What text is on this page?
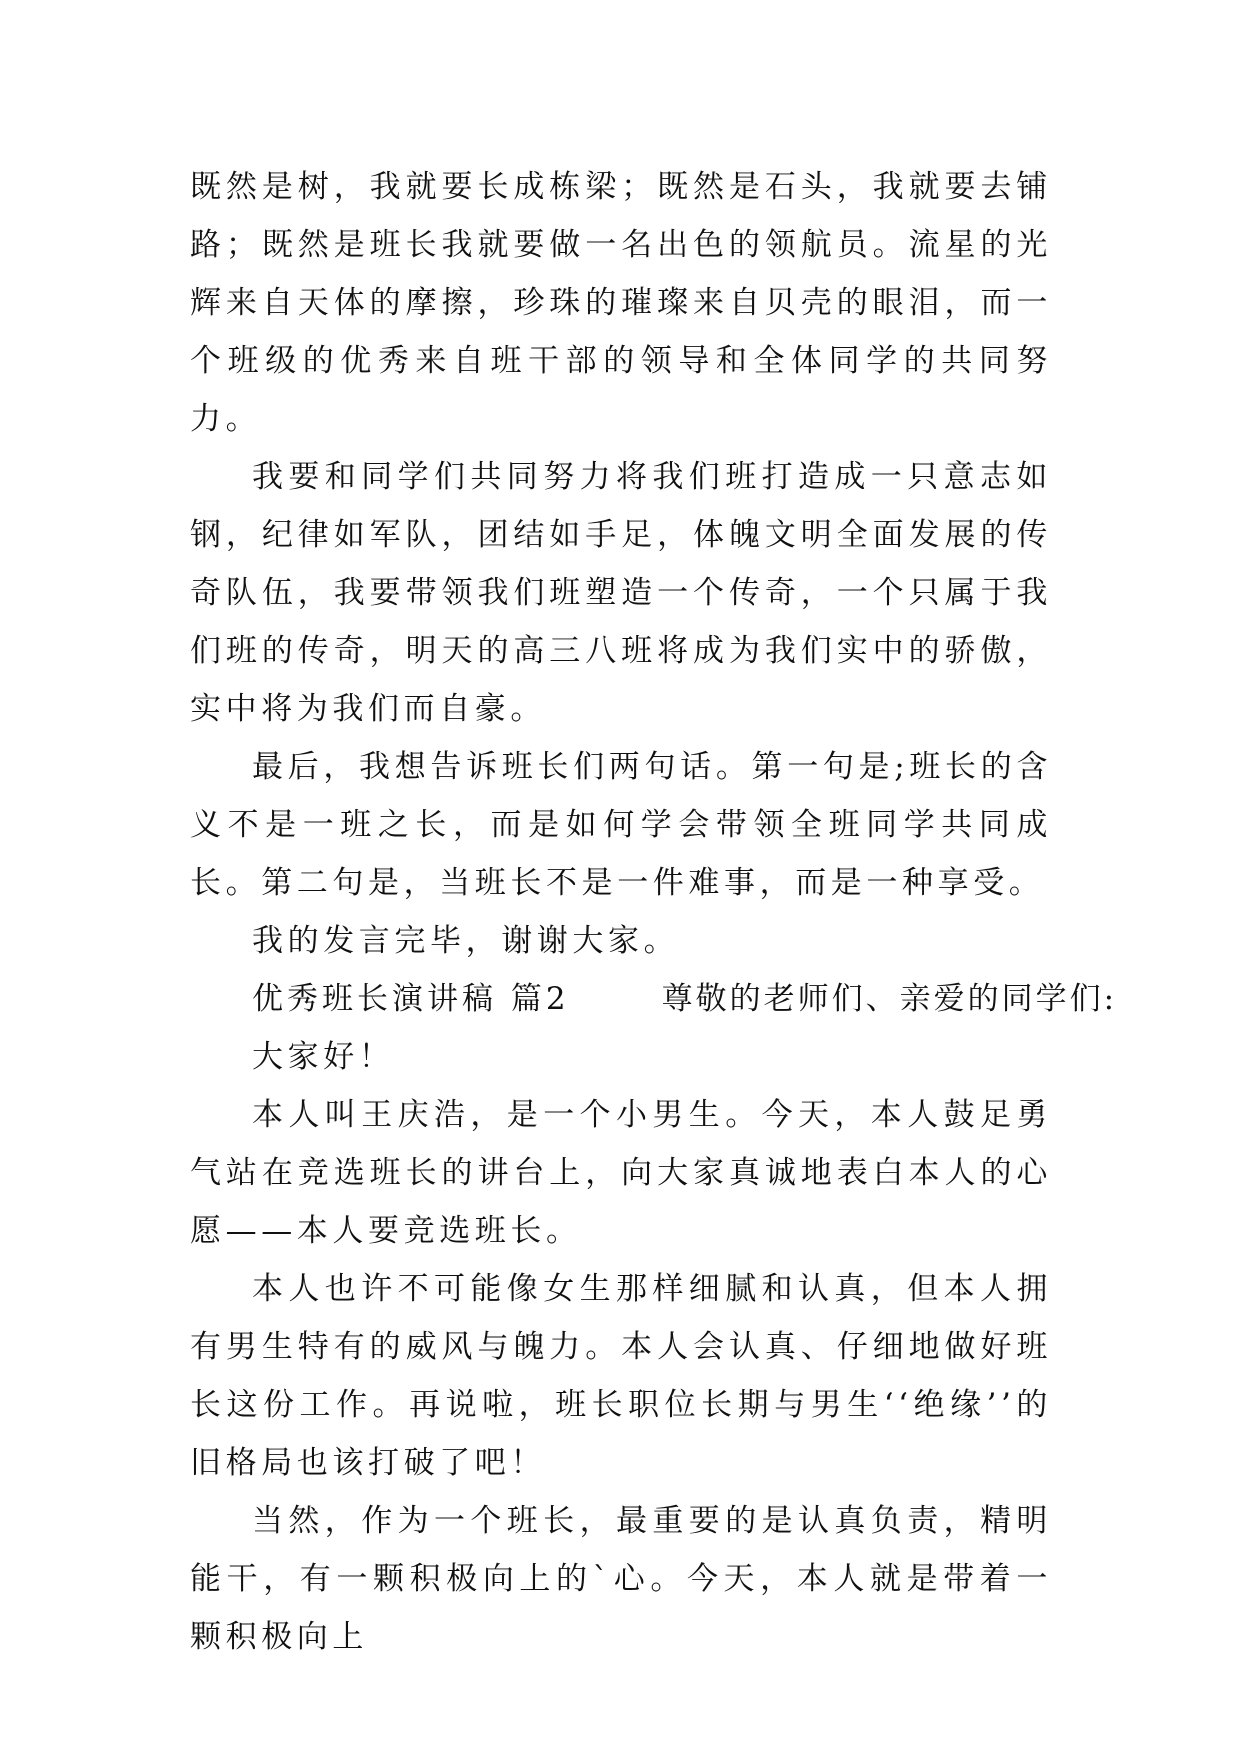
既然是树，我就要长成栋梁；既然是石头，我就要去铺路；既然是班长我就要做一名出色的领航员。流星的光辉来自天体的摩擦，珍珠的璀璨来自贝壳的眼泪，而一个班级的优秀来自班干部的领导和全体同学的共同努力。

我要和同学们共同努力将我们班打造成一只意志如钢，纪律如军队，团结如手足，体魄文明全面发展的传奇队伍，我要带领我们班塑造一个传奇，一个只属于我们班的传奇，明天的高三八班将成为我们实中的骄傲，实中将为我们而自豪。

最后，我想告诉班长们两句话。第一句是;班长的含义不是一班之长，而是如何学会带领全班同学共同成长。第二句是，当班长不是一件难事，而是一种享受。

我的发言完毕，谢谢大家。

优秀班长演讲稿 篇2	尊敬的老师们、亲爱的同学们:

大家好！

本人叫王庆浩，是一个小男生。今天，本人鼓足勇气站在竞选班长的讲台上，向大家真诚地表白本人的心愿——本人要竞选班长。

本人也许不可能像女生那样细腻和认真，但本人拥有男生特有的威风与魄力。本人会认真、仔细地做好班长这份工作。再说啦，班长职位长期与男生‘‘绝缘’’的旧格局也该打破了吧！

当然，作为一个班长，最重要的是认真负责，精明能干，有一颗积极向上的`心。今天，本人就是带着一颗积极向上
